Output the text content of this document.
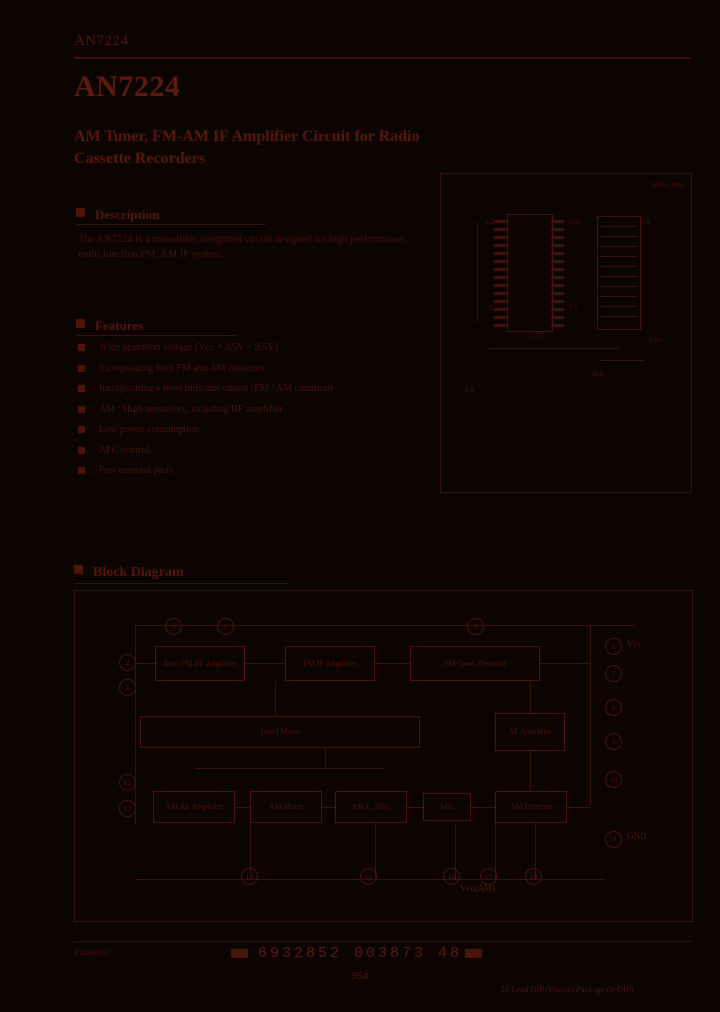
AN7224
AN7224
AM Tuner, FM-AM IF Amplifier Circuit for Radio Cassette Recorders
Description
The AN7224 is a monolithic integrated circuit designed for high performance, multi function FM, AM IF system.
Features
Wide operation voltage (Vcc = 3.5V ~ 9.5V)
Incorporating both FM and AM detectors
Incorporating a level indicator output (FM / AM common)
AM : High sensitivity, including RF amplifier
Low power consumption
AFC control
Few external parts
Unit : mm
3.2
0.5
7.62
1.1
5.0
0.25
1.778
30.0
9.0
28 Lead DIP (Plastic) Package (S-DIP)
Block Diagram
Auto FM RF Amplifier	FM IF Amplifier	FM Quad. Detector
Level Meter	AF Amplifier
AM RF Amplifier	AM Mixer	AM L. OSC	AGC	AM Detector
4	5	3
2
1
6
7
8
9
10
11
12
13
14	15	16	17	18
Vcc
GND
Vcc(AM)
Panasonic	6932852 003873 48
954
